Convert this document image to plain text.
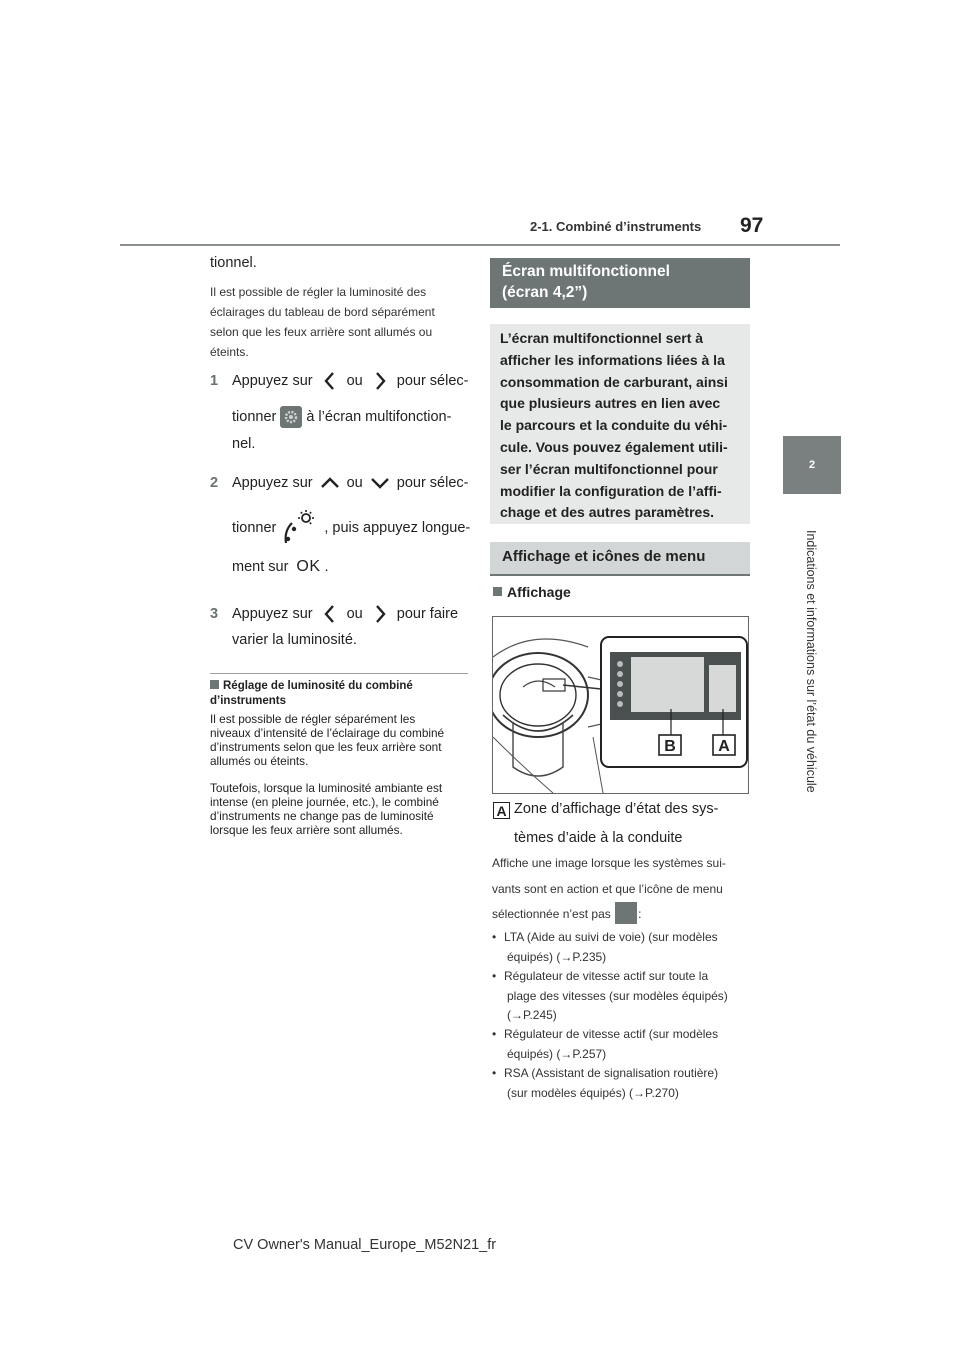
2-1. Combiné d’instruments 97
2
Indications et informations sur l’état du véhicule
tionnel.
Il est possible de régler la luminosité des
éclairages du tableau de bord séparément
selon que les feux arrière sont allumés ou
éteints.
1 Appuyez sur ou pour sélec-
tionner à l’écran multifonction-
nel.
2 Appuyez sur ou pour sélec-
tionner	, puis appuyez longue-
ment sur OK .
3 Appuyez sur ou pour faire
varier la luminosité.
Réglage de luminosité du combiné
d’instruments
Il est possible de régler séparément les
niveaux d’intensité de l’éclairage du combiné
d’instruments selon que les feux arrière sont
allumés ou éteints.
Toutefois, lorsque la luminosité ambiante est
intense (en pleine journée, etc.), le combiné
d’instruments ne change pas de luminosité
lorsque les feux arrière sont allumés.
Écran multifonctionnel
(écran 4,2”)
L’écran multifonctionnel sert à
afficher les informations liées à la
consommation de carburant, ainsi
que plusieurs autres en lien avec
le parcours et la conduite du véhi-
cule. Vous pouvez également utili-
ser l’écran multifonctionnel pour
modifier la configuration de l’affi-
chage et des autres paramètres.
Affichage et icônes de menu
Affichage
B	A
A Zone d’affichage d’état des sys-
tèmes d’aide à la conduite
Affiche une image lorsque les systèmes sui-
vants sont en action et que l’icône de menu
sélectionnée n’est pas :
• LTA (Aide au suivi de voie) (sur modèles
équipés) (→P.235)
• Régulateur de vitesse actif sur toute la
plage des vitesses (sur modèles équipés)
(→P.245)
• Régulateur de vitesse actif (sur modèles
équipés) (→P.257)
• RSA (Assistant de signalisation routière)
(sur modèles équipés) (→P.270)
CV Owner's Manual_Europe_M52N21_fr
